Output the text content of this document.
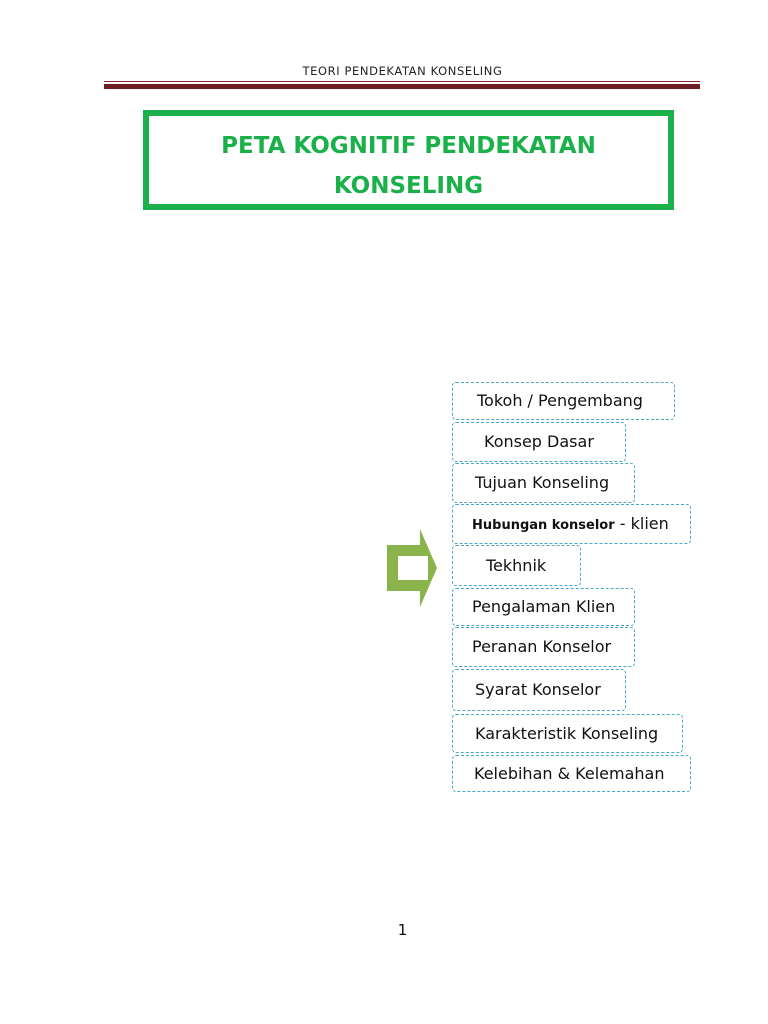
TEORI PENDEKATAN KONSELING
PETA KOGNITIF PENDEKATAN
KONSELING
Tokoh / Pengembang
Konsep Dasar
Tujuan Konseling
Hubungan konselor - klien
Tekhnik
Pengalaman Klien
Peranan Konselor
Syarat Konselor
Karakteristik Konseling
Kelebihan & Kelemahan
1
